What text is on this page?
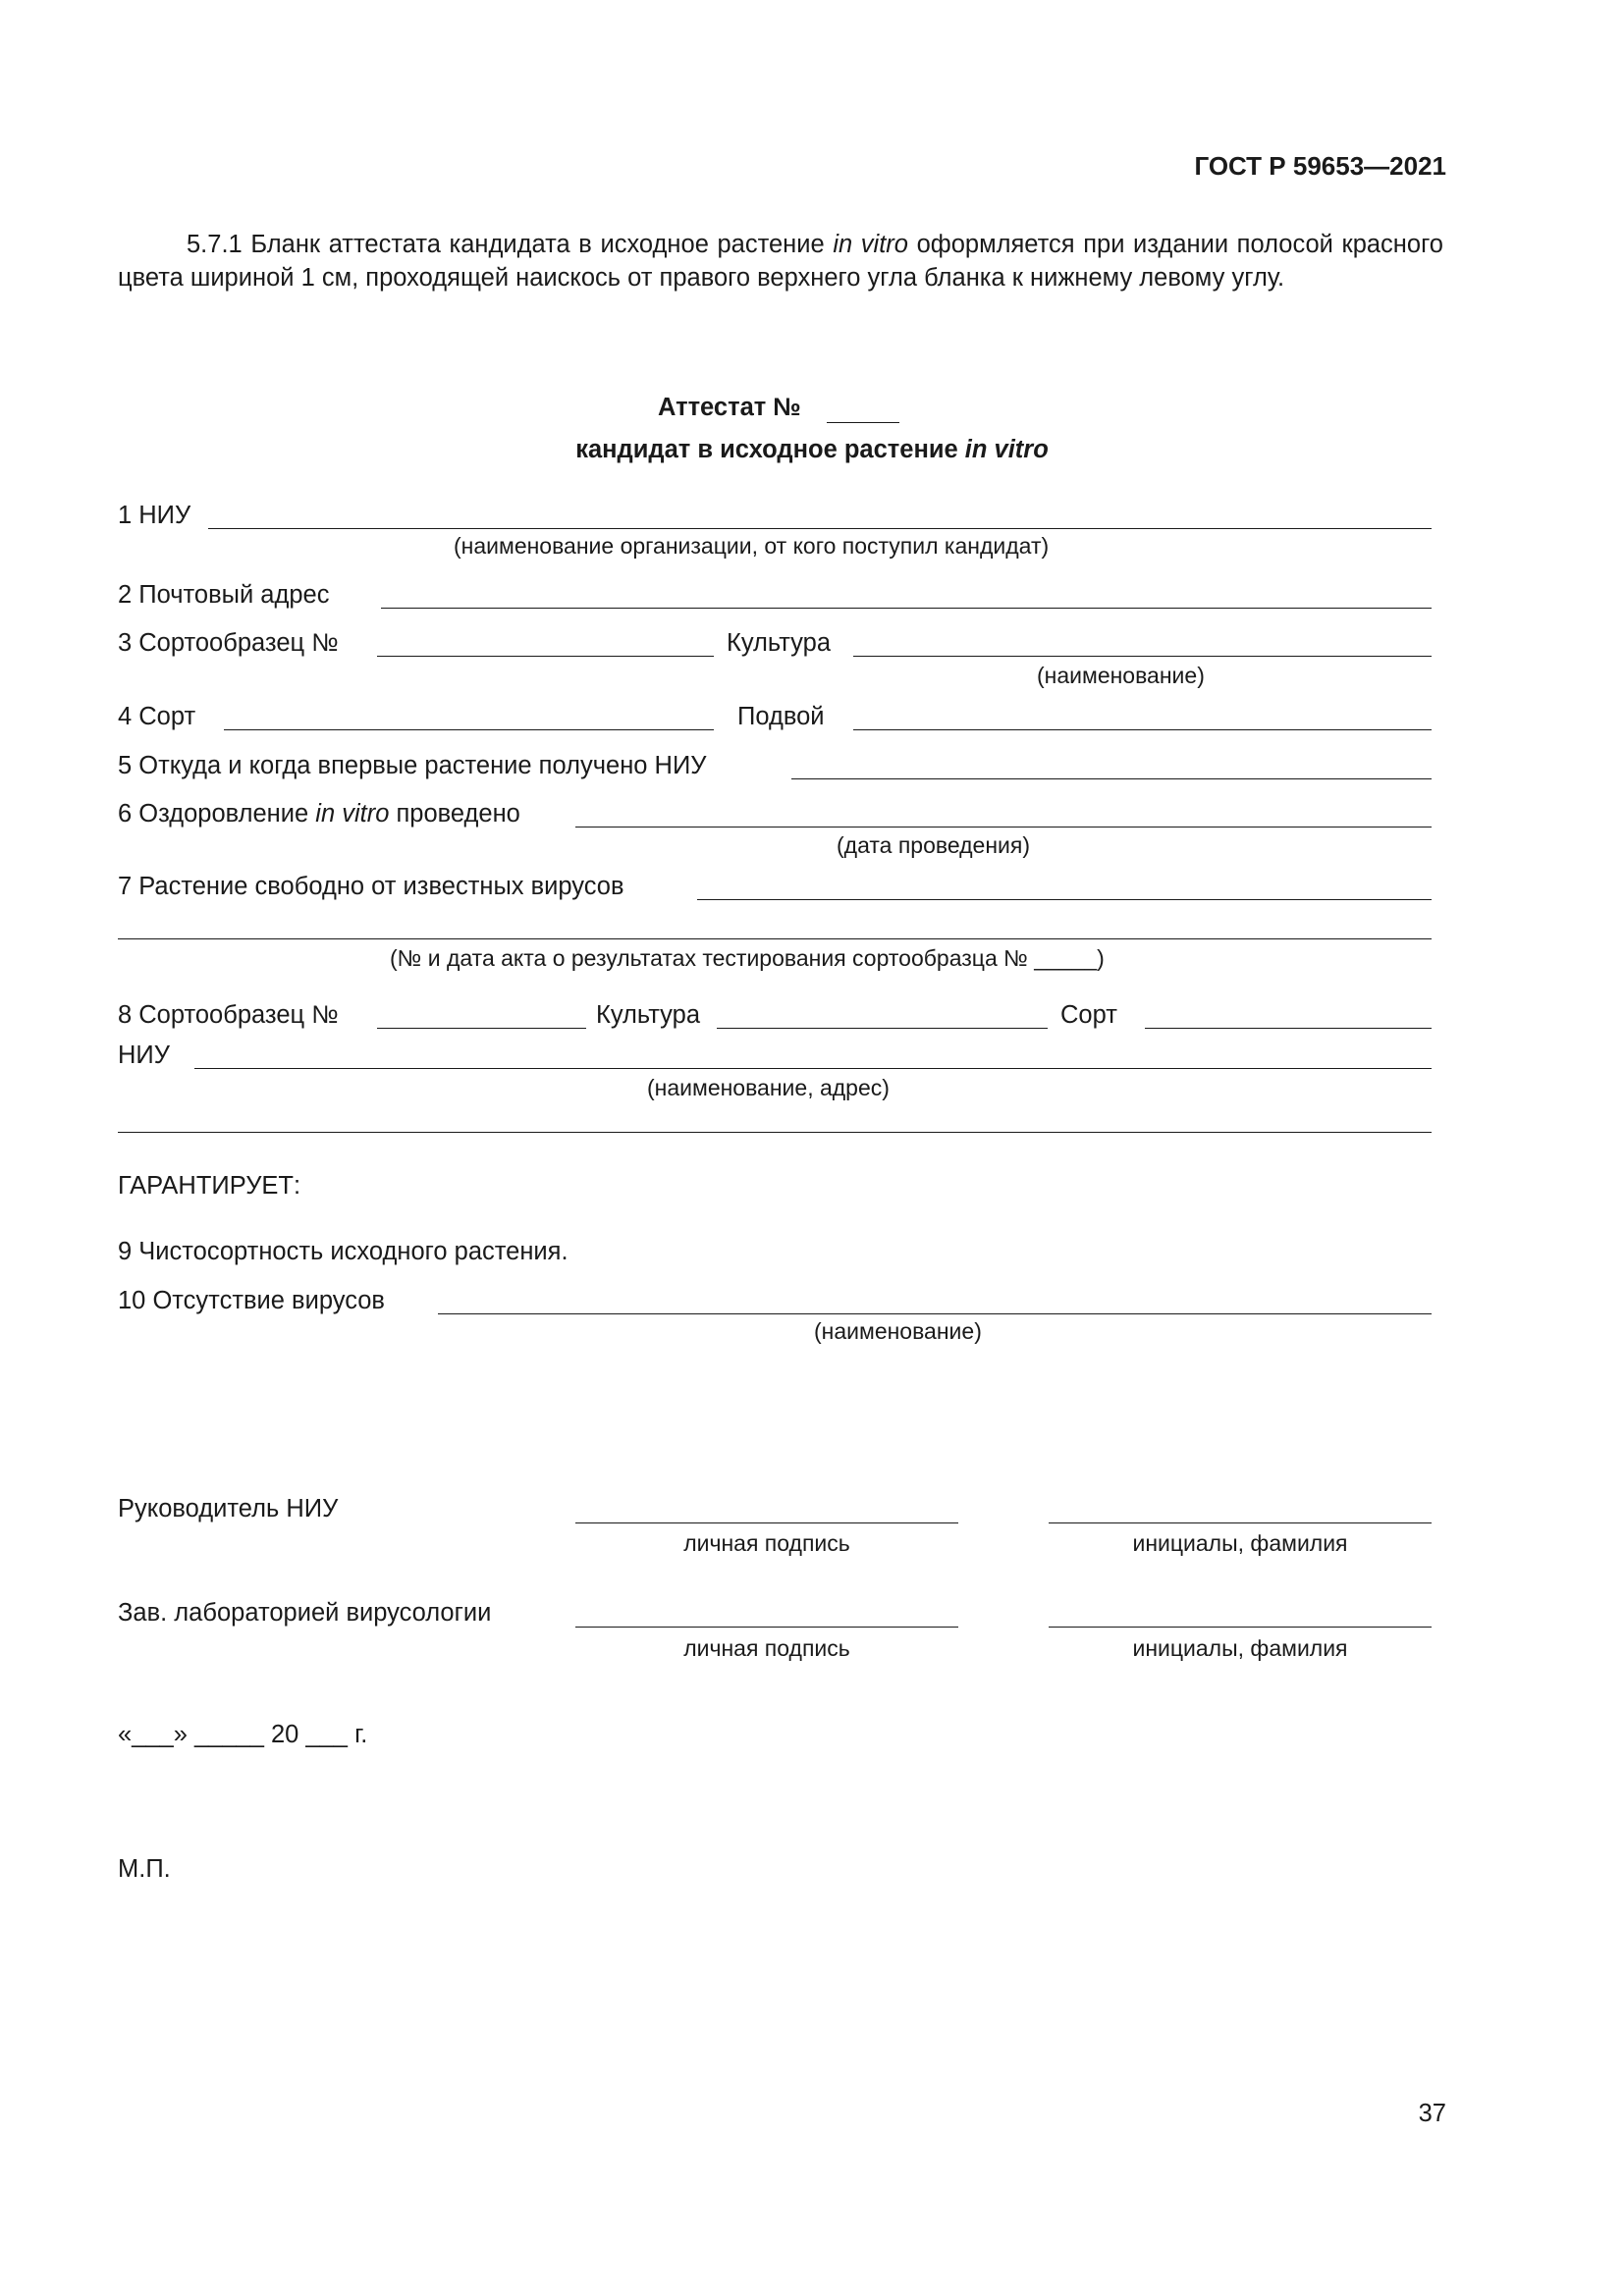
ГОСТ Р 59653—2021
5.7.1 Бланк аттестата кандидата в исходное растение in vitro оформляется при издании полосой красного цвета шириной 1 см, проходящей наискось от правого верхнего угла бланка к нижнему левому углу.
Аттестат №
кандидат в исходное растение in vitro
1 НИУ
(наименование организации, от кого поступил кандидат)
2 Почтовый адрес
3 Сортообразец №	Культура
(наименование)
4 Сорт	Подвой
5 Откуда и когда впервые растение получено НИУ
6 Оздоровление in vitro проведено
(дата проведения)
7 Растение свободно от известных вирусов
(№ и дата акта о результатах тестирования сортообразца № _____)
8 Сортообразец №	Культура	Сорт
НИУ
(наименование, адрес)
ГАРАНТИРУЕТ:
9 Чистосортность исходного растения.
10 Отсутствие вирусов
(наименование)
Руководитель НИУ
личная подпись	инициалы, фамилия
Зав. лабораторией вирусологии
личная подпись	инициалы, фамилия
«___» _____ 20 ___ г.
М.П.
37
